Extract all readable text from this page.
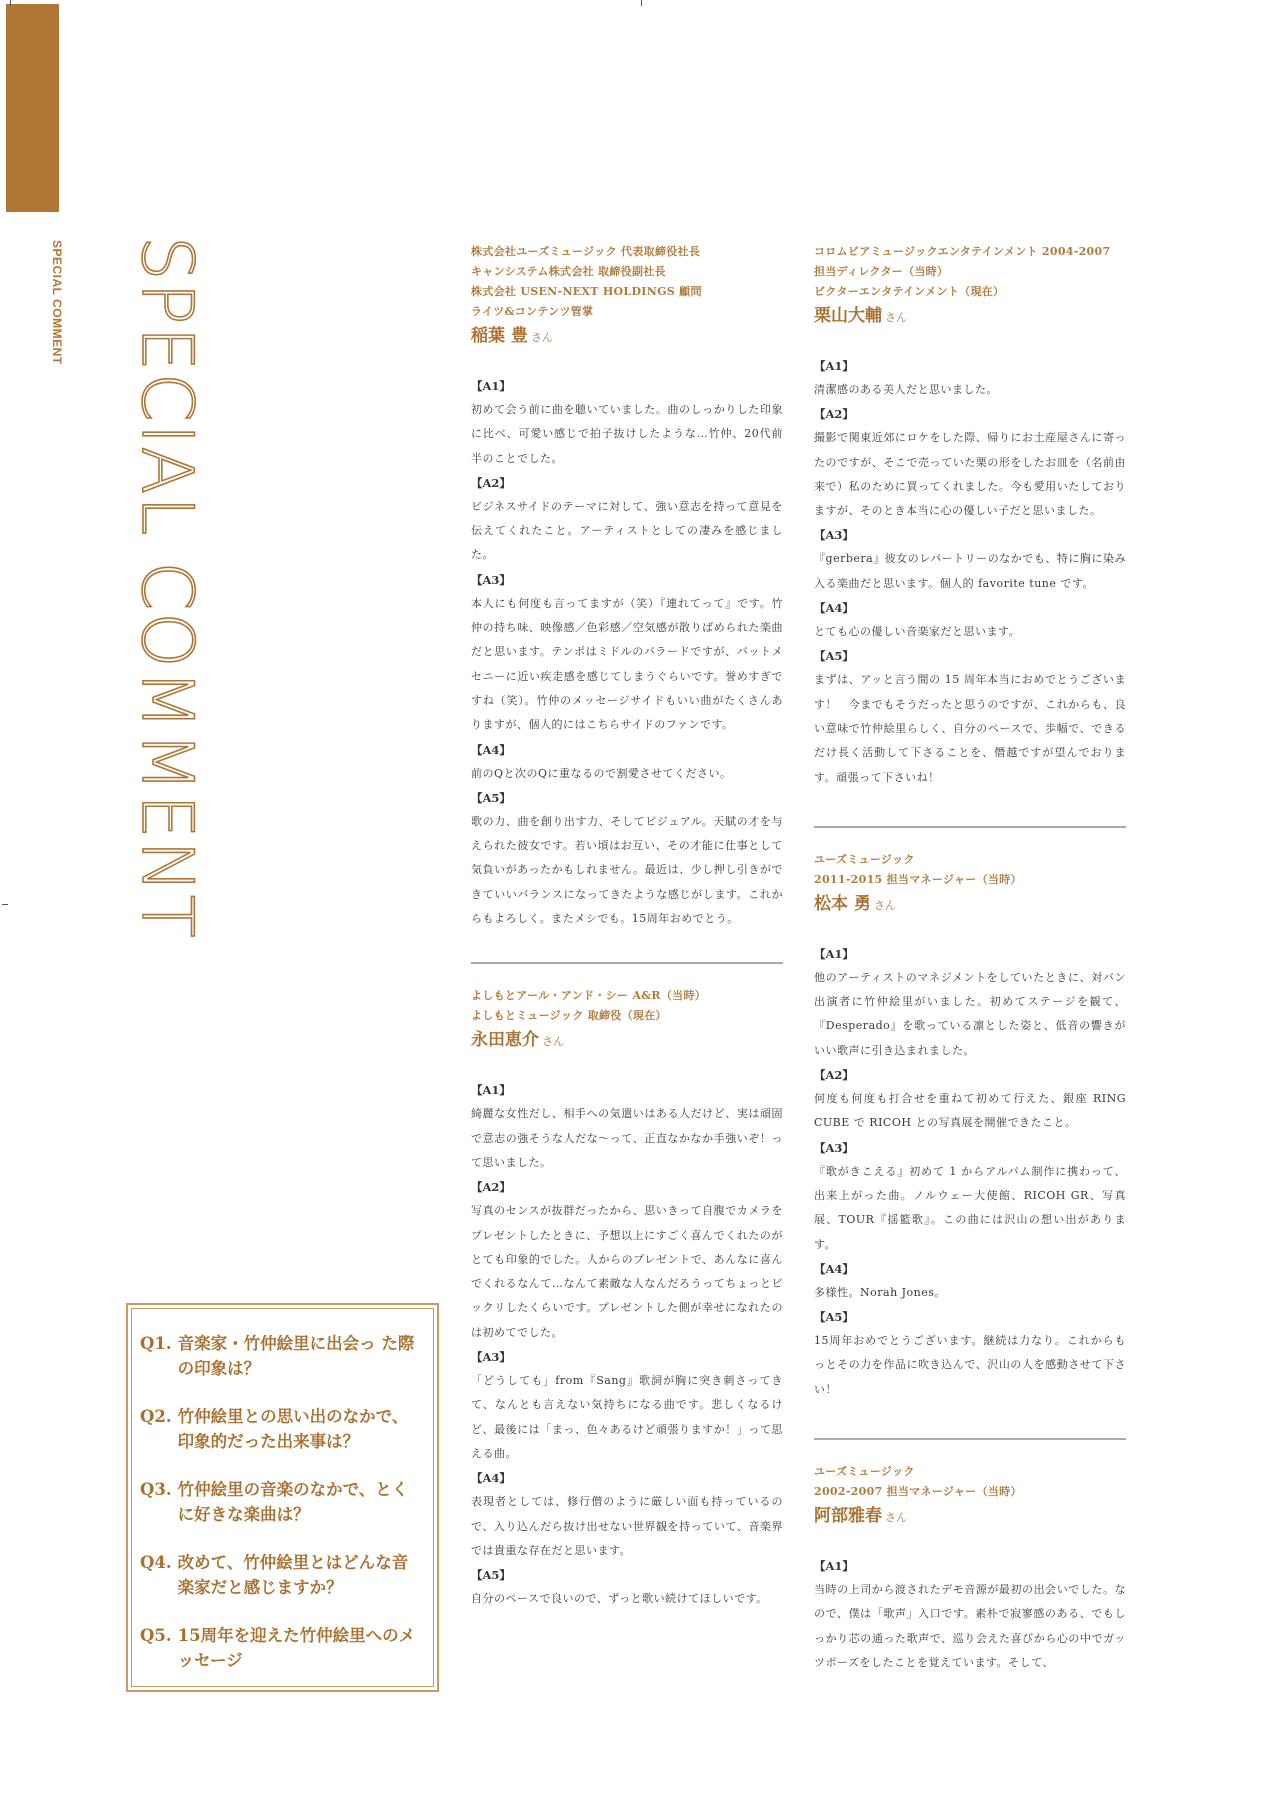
SPECIAL COMMENT SPECIAL COMMENT
Q1. 音楽家・竹仲絵里に出会っ た際の印象は？
Q2. 竹仲絵里との思い出のなかで、印象的だった出来事は？
Q3. 竹仲絵里の音楽のなかで、とくに好きな楽曲は？
Q4. 改めて、竹仲絵里とはどんな音楽家だと感じますか？
Q5. 15周年を迎えた竹仲絵里へのメッセージ
株式会社ユーズミュージック 代表取締役社長
キャンシステム株式会社 取締役副社長
株式会社 USEN-NEXT HOLDINGS 顧問
ライツ&コンテンツ管掌
稲葉 豊 さん
【A1】
初めて会う前に曲を聴いていました。曲のしっかりした印象に比べ、可愛い感じで拍子抜けしたような…竹仲、20代前半のことでした。
【A2】
ビジネスサイドのテーマに対して、強い意志を持って意見を伝えてくれたこと。アーティストとしての凄みを感じました。
【A3】
本人にも何度も言ってますが（笑）『連れてって』です。竹仲の持ち味、映像感／色彩感／空気感が散りばめられた楽曲だと思います。テンポはミドルのバラードですが、バットメセニーに近い疾走感を感じてしまうぐらいです。誉めすぎですね（笑）。竹仲のメッセージサイドもいい曲がたくさんありますが、個人的にはこちらサイドのファンです。
【A4】
前のQと次のQに重なるので割愛させてください。
【A5】
歌の力、曲を創り出す力、そしてビジュアル。天賦の才を与えられた彼女です。若い頃はお互い、その才能に仕事として気負いがあったかもしれません。最近は、少し押し引きができていいバランスになってきたような感じがします。これからもよろしく。またメシでも。15周年おめでとう。
よしもとアール・アンド・シー A&R（当時）
よしもとミュージック 取締役（現在）
永田恵介 さん
【A1】
綺麗な女性だし、相手への気遣いはある人だけど、実は頑固で意志の強そうな人だな〜って、正直なかなか手強いぞ！って思いました。
【A2】
写真のセンスが抜群だったから、思いきって自腹でカメラをプレゼントしたときに、予想以上にすごく喜んでくれたのがとても印象的でした。人からのプレゼントで、あんなに喜んでくれるなんて…なんて素敵な人なんだろうってちょっとビックリしたくらいです。プレゼントした側が幸せになれたのは初めてでした。
【A3】
「どうしても」from『Sang』歌詞が胸に突き刺さってきて、なんとも言えない気持ちになる曲です。悲しくなるけど、最後には「まっ、色々あるけど頑張りますか！」って思える曲。
【A4】
表現者としては、修行僧のように厳しい面も持っているので、入り込んだら抜け出せない世界観を持っていて、音楽界では貴重な存在だと思います。
【A5】
自分のペースで良いので、ずっと歌い続けてほしいです。
コロムビアミュージックエンタテインメント 2004-2007
担当ディレクター（当時）
ビクターエンタテインメント（現在）
栗山大輔 さん
【A1】
清潔感のある美人だと思いました。
【A2】
撮影で関東近郊にロケをした際、帰りにお土産屋さんに寄ったのですが、そこで売っていた栗の形をしたお皿を（名前由来で）私のために買ってくれました。今も愛用いたしておりますが、そのとき本当に心の優しい子だと思いました。
【A3】
『gerbera』彼女のレパートリーのなかでも、特に胸に染み入る楽曲だと思います。個人的 favorite tune です。
【A4】
とても心の優しい音楽家だと思います。
【A5】
まずは、アッと言う間の 15 周年本当におめでとうございます！　今までもそうだったと思うのですが、これからも、良い意味で竹仲絵里らしく、自分のペースで、歩幅で、できるだけ長く活動して下さることを、僭越ですが望んでおります。頑張って下さいね！
ユーズミュージック
2011-2015 担当マネージャー（当時）
松本 勇 さん
【A1】
他のアーティストのマネジメントをしていたときに、対バン出演者に竹仲絵里がいました。初めてステージを観て、『Desperado』を歌っている凛とした姿と、低音の響きがいい歌声に引き込まれました。
【A2】
何度も何度も打合せを重ねて初めて行えた、銀座 RING CUBE で RICOH との写真展を開催できたこと。
【A3】
『歌がきこえる』初めて 1 からアルバム制作に携わって、出来上がった曲。ノルウェー大使館、RICOH GR、写真展、TOUR『揺籃歌』。この曲には沢山の想い出があります。
【A4】
多様性。Norah Jones。
【A5】
15周年おめでとうございます。継続は力なり。これからもっとその力を作品に吹き込んで、沢山の人を感動させて下さい！
ユーズミュージック
2002-2007 担当マネージャー（当時）
阿部雅春 さん
【A1】
当時の上司から渡されたデモ音源が最初の出会いでした。なので、僕は「歌声」入口です。素朴で寂寥感のある、でもしっかり芯の通った歌声で、巡り会えた喜びから心の中でガッツポーズをしたことを覚えています。そして、
